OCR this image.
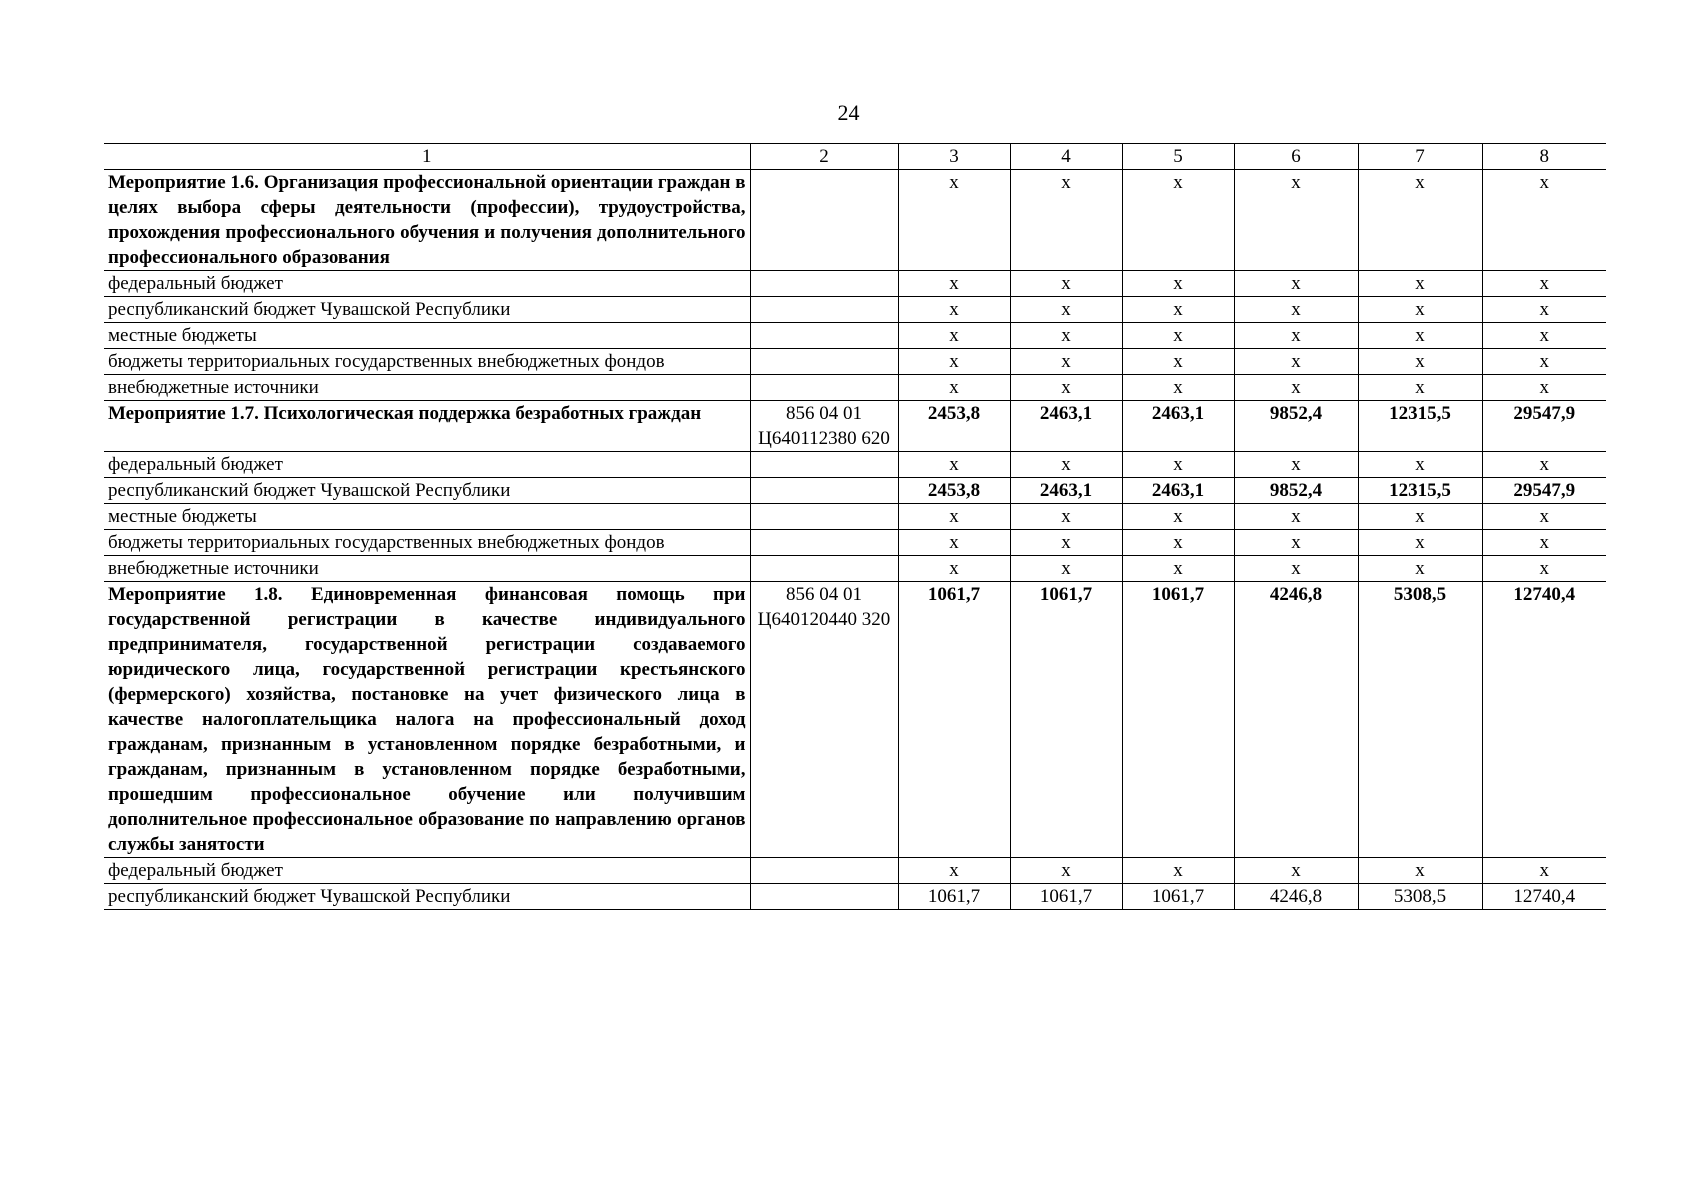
24
1	2	3	4	5	6	7	8
Мероприятие 1.6. Организация профессиональной ориентации граждан в целях выбора сферы деятельности (профессии), трудоустройства, прохождения профессионального обучения и получения дополнительного профессионального образования		x	x	x	x	x	x
федеральный бюджет		x	x	x	x	x	x
республиканский бюджет Чувашской Республики		x	x	x	x	x	x
местные бюджеты		x	x	x	x	x	x
бюджеты территориальных государственных внебюджетных фондов		x	x	x	x	x	x
внебюджетные источники		x	x	x	x	x	x
Мероприятие 1.7. Психологическая поддержка безработных граждан	856 04 01 Ц640112380 620	2453,8	2463,1	2463,1	9852,4	12315,5	29547,9
федеральный бюджет		x	x	x	x	x	x
республиканский бюджет Чувашской Республики		2453,8	2463,1	2463,1	9852,4	12315,5	29547,9
местные бюджеты		x	x	x	x	x	x
бюджеты территориальных государственных внебюджетных фондов		x	x	x	x	x	x
внебюджетные источники		x	x	x	x	x	x
Мероприятие 1.8. Единовременная финансовая помощь при государственной регистрации в качестве индивидуального предпринимателя, государственной регистрации создаваемого юридического лица, государственной регистрации крестьянского (фермерского) хозяйства, постановке на учет физического лица в качестве налогоплательщика налога на профессиональный доход гражданам, признанным в установленном порядке безработными, и гражданам, признанным в установленном порядке безработными, прошедшим профессиональное обучение или получившим дополнительное профессиональное образование по направлению органов службы занятости	856 04 01 Ц640120440 320	1061,7	1061,7	1061,7	4246,8	5308,5	12740,4
федеральный бюджет		x	x	x	x	x	x
республиканский бюджет Чувашской Республики		1061,7	1061,7	1061,7	4246,8	5308,5	12740,4
